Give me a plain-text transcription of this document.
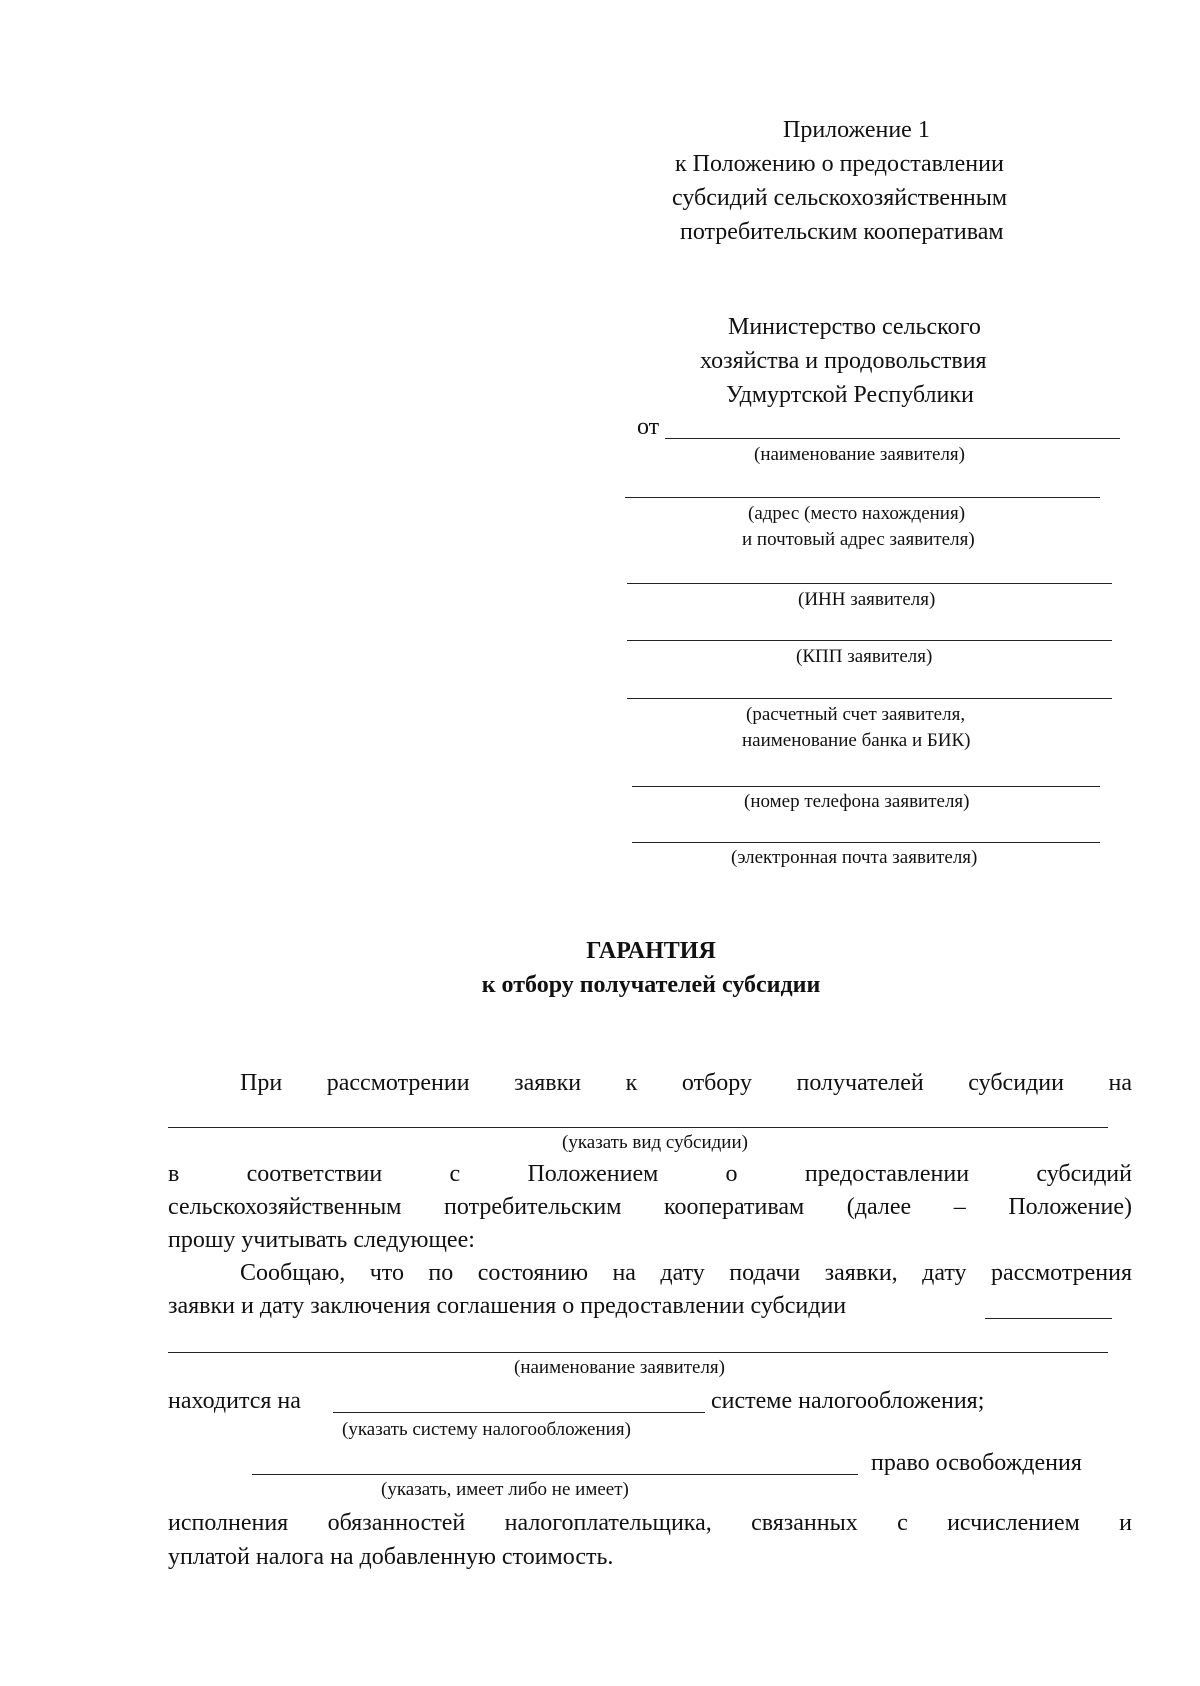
Приложение 1
к Положению о предоставлении
субсидий сельскохозяйственным
потребительским кооперативам
Министерство сельского
хозяйства и продовольствия
Удмуртской Республики
от
(наименование заявителя)
(адрес (место нахождения)
и почтовый адрес заявителя)
(ИНН заявителя)
(КПП заявителя)
(расчетный счет заявителя,
наименование банка и БИК)
(номер телефона заявителя)
(электронная почта заявителя)
ГАРАНТИЯ
к отбору получателей субсидии
При рассмотрении заявки к отбору получателей субсидии на
(указать вид субсидии)
в соответствии с Положением о предоставлении субсидий
сельскохозяйственным потребительским кооперативам (далее – Положение)
прошу учитывать следующее:
Сообщаю, что по состоянию на дату подачи заявки, дату рассмотрения
заявки и дату заключения соглашения о предоставлении субсидии
(наименование заявителя)
находится на	системе налогообложения;
(указать систему налогообложения)
право освобождения
(указать, имеет либо не имеет)
исполнения обязанностей налогоплательщика, связанных с исчислением и
уплатой налога на добавленную стоимость.
